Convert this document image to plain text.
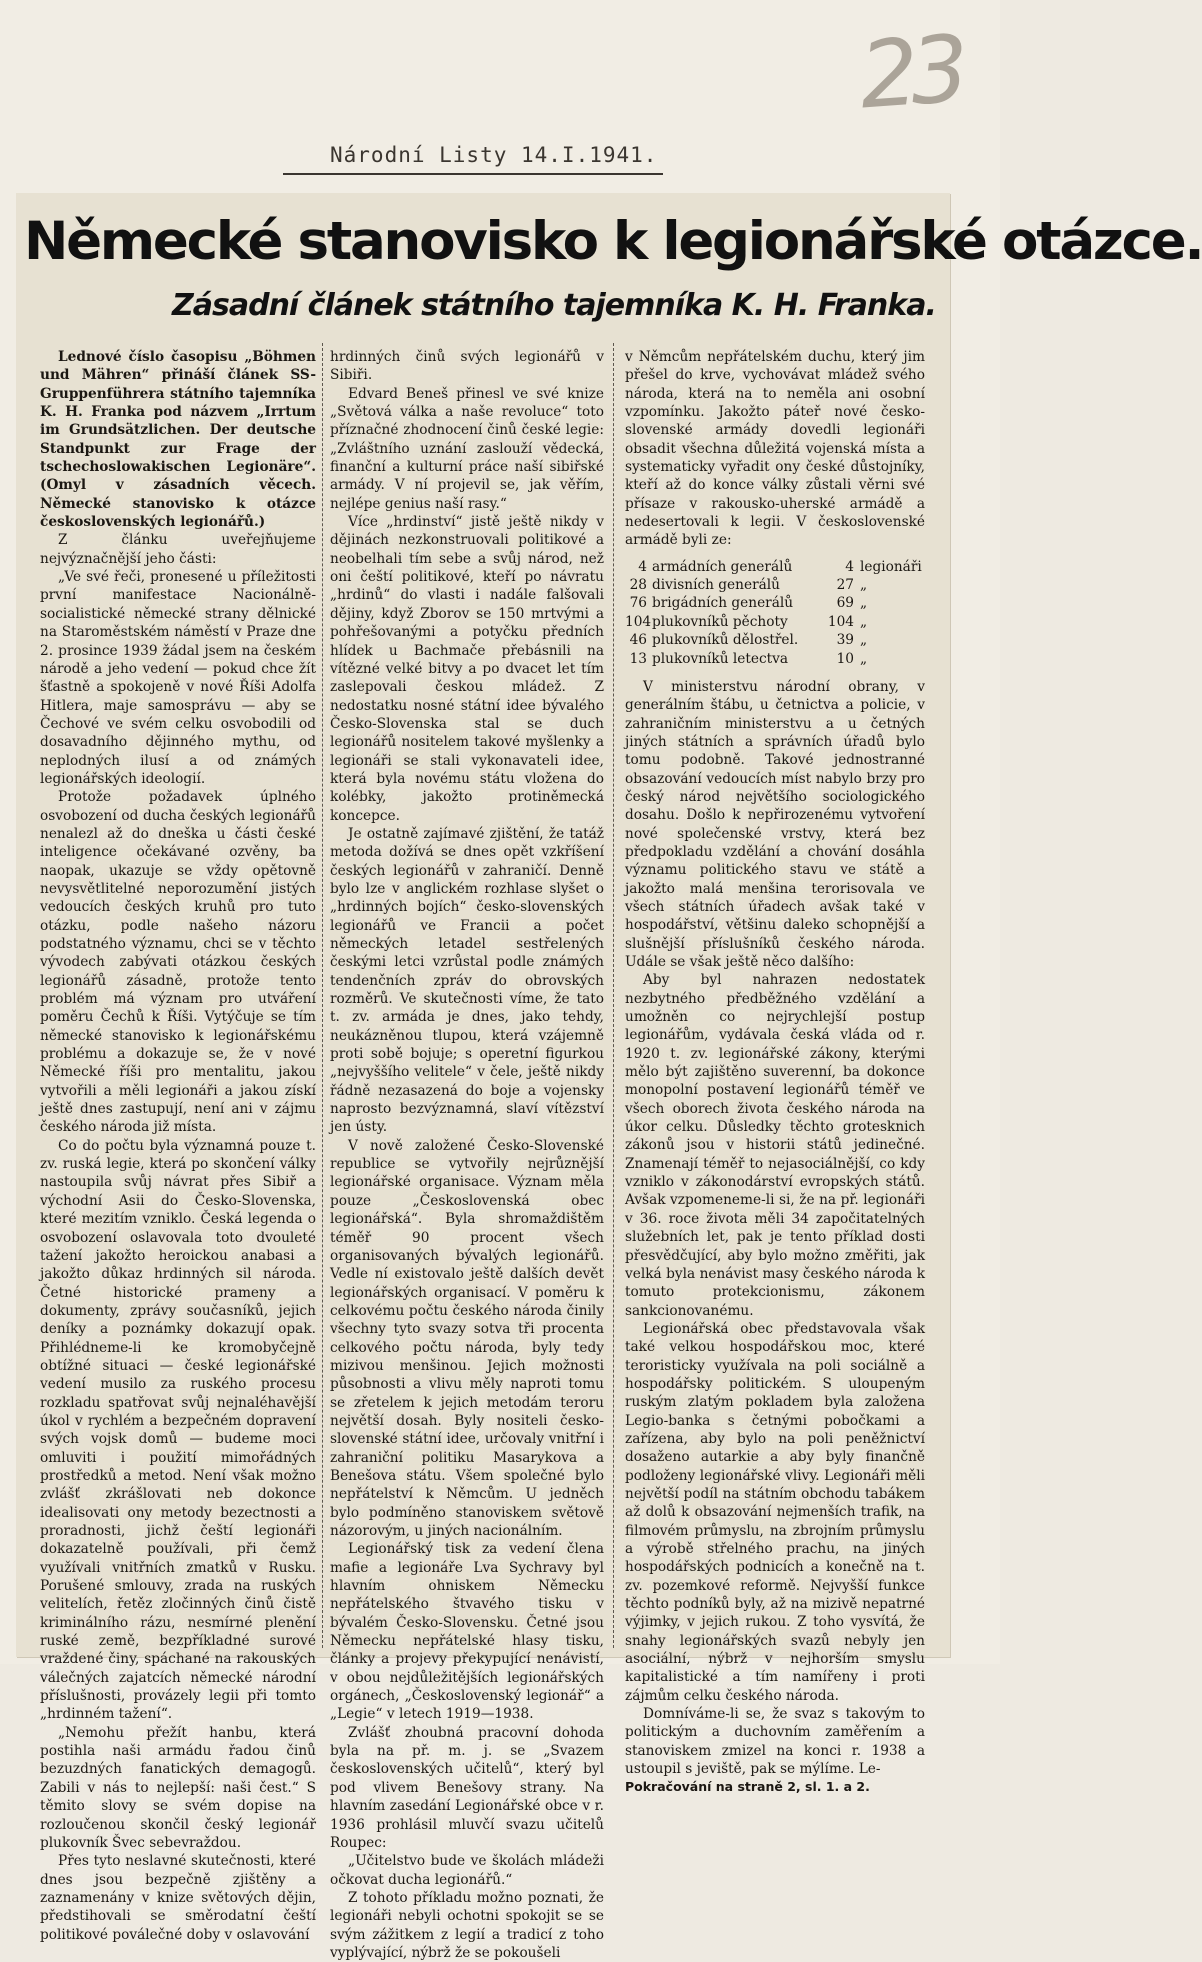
23
Národní Listy 14.I.1941.
Německé stanovisko k legionářské otázce.
Zásadní článek státního tajemníka K. H. Franka.

Lednové číslo časopisu „Böhmen und Mähren“ přináší článek SS-Gruppenführera státního tajemníka K. H. Franka pod názvem „Irrtum im Grundsätzlichen. Der deutsche Standpunkt zur Frage der tschechoslowakischen Legionäre“. (Omyl v zásadních věcech. Německé stanovisko k otázce československých legionářů.)

Z článku uveřejňujeme nejvýznačnější jeho části:

„Ve své řeči, pronesené u příležitosti první manifestace Nacionálně-socialistické německé strany dělnické na Staroměstském náměstí v Praze dne 2. prosince 1939 žádal jsem na českém národě a jeho vedení — pokud chce žít šťastně a spokojeně v nové Říši Adolfa Hitlera, maje samosprávu — aby se Čechové ve svém celku osvobodili od dosavadního dějinného mythu, od neplodných ilusí a od známých legionářských ideologií.

Protože požadavek úplného osvobození od ducha českých legionářů nenalezl až do dneška u části české inteligence očekávané ozvěny, ba naopak, ukazuje se vždy opětovně nevysvětlitelné neporozumění jistých vedoucích českých kruhů pro tuto otázku, podle našeho názoru podstatného významu, chci se v těchto vývodech zabývati otázkou českých legionářů zásadně, protože tento problém má význam pro utváření poměru Čechů k Říši. Vytýčuje se tím německé stanovisko k legionářskému problému a dokazuje se, že v nové Německé říši pro mentalitu, jakou vytvořili a měli legionáři a jakou získí ještě dnes zastupují, není ani v zájmu českého národa již místa.

Co do počtu byla významná pouze t. zv. ruská legie, která po skončení války nastoupila svůj návrat přes Sibiř a východní Asii do Česko-Slovenska, které mezitím vzniklo. Česká legenda o osvobození oslavovala toto dvouleté tažení jakožto heroickou anabasi a jakožto důkaz hrdinných sil národa. Četné historické prameny a dokumenty, zprávy současníků, jejich deníky a poznámky dokazují opak. Přihlédneme-li ke kromobyčejně obtížné situaci — české legionářské vedení musilo za ruského procesu rozkladu spatřovat svůj nejnaléhavější úkol v rychlém a bezpečném dopravení svých vojsk domů — budeme moci omluviti i použití mimořádných prostředků a metod. Není však možno zvlášť zkrášlovati neb dokonce idealisovati ony metody bezectnosti a proradnosti, jichž čeští legionáři dokazatelně používali, při čemž využívali vnitřních zmatků v Rusku. Porušené smlouvy, zrada na ruských velitelích, řetěz zločinných činů čistě kriminálního rázu, nesmírné plenění ruské země, bezpříkladné surové vraždené činy, spáchané na rakouských válečných zajatcích německé národní příslušnosti, provázely legii při tomto „hrdinném tažení“.

„Nemohu přežít hanbu, která postihla naši armádu řadou činů bezuzdných fanatických demagogů. Zabili v nás to nejlepší: naši čest.“ S těmito slovy se svém dopise na rozloučenou skončil český legionář plukovník Švec sebevraždou.

Přes tyto neslavné skutečnosti, které dnes jsou bezpečně zjištěny a zaznamenány v knize světových dějin, předstihovali se směrodatní čeští politikové poválečné doby v oslavování

hrdinných činů svých legionářů v Sibiři.

Edvard Beneš přinesl ve své knize „Světová válka a naše revoluce“ toto příznačné zhodnocení činů české legie: „Zvláštního uznání zaslouží vědecká, finanční a kulturní práce naší sibiřské armády. V ní projevil se, jak věřím, nejlépe genius naší rasy.“

Více „hrdinství“ jistě ještě nikdy v dějinách nezkonstruovali politikové a neobelhali tím sebe a svůj národ, než oni čeští politikové, kteří po návratu „hrdinů“ do vlasti i nadále falšovali dějiny, když Zborov se 150 mrtvými a pohřešovanými a potyčku předních hlídek u Bachmače přebásnili na vítězné velké bitvy a po dvacet let tím zaslepovali českou mládež. Z nedostatku nosné státní idee bývalého Česko-Slovenska stal se duch legionářů nositelem takové myšlenky a legionáři se stali vykonavateli idee, která byla novému státu vložena do kolébky, jakožto protiněmecká koncepce.

Je ostatně zajímavé zjištění, že tatáž metoda dožívá se dnes opět vzkříšení českých legionářů v zahraničí. Denně bylo lze v anglickém rozhlase slyšet o „hrdinných bojích“ česko-slovenských legionářů ve Francii a počet německých letadel sestřelených českými letci vzrůstal podle známých tendenčních zpráv do obrovských rozměrů. Ve skutečnosti víme, že tato t. zv. armáda je dnes, jako tehdy, neukázněnou tlupou, která vzájemně proti sobě bojuje; s operetní figurkou „nejvyššího velitele“ v čele, ještě nikdy řádně nezasazená do boje a vojensky naprosto bezvýznamná, slaví vítězství jen ústy.

V nově založené Česko-Slovenské republice se vytvořily nejrůznější legionářské organisace. Význam měla pouze „Československá obec legionářská“. Byla shromaždištěm téměř 90 procent všech organisovaných bývalých legionářů. Vedle ní existovalo ještě dalších devět legionářských organisací. V poměru k celkovému počtu českého národa činily všechny tyto svazy sotva tři procenta celkového počtu národa, byly tedy mizivou menšinou. Jejich možnosti působnosti a vlivu měly naproti tomu se zřetelem k jejich metodám teroru největší dosah. Byly nositeli česko-slovenské státní idee, určovaly vnitřní i zahraniční politiku Masarykova a Benešova státu. Všem společné bylo nepřátelství k Němcům. U jedněch bylo podmíněno stanoviskem světově názorovým, u jiných nacionálním.

Legionářský tisk za vedení člena mafie a legionáře Lva Sychravy byl hlavním ohniskem Německu nepřátelského štvavého tisku v bývalém Česko-Slovensku. Četné jsou Německu nepřátelské hlasy tisku, články a projevy překypující nenávistí, v obou nejdůležitějších legionářských orgánech, „Československý legionář“ a „Legie“ v letech 1919—1938.

Zvlášť zhoubná pracovní dohoda byla na př. m. j. se „Svazem československých učitelů“, který byl pod vlivem Benešovy strany. Na hlavním zasedání Legionářské obce v r. 1936 prohlásil mluvčí svazu učitelů Roupec:

„Učitelstvo bude ve školách mládeži očkovat ducha legionářů.“

Z tohoto příkladu možno poznati, že legionáři nebyli ochotni spokojit se se svým zážitkem z legií a tradicí z toho vyplývající, nýbrž že se pokoušeli

v Němcům nepřátelském duchu, který jim přešel do krve, vychovávat mládež svého národa, která na to neměla ani osobní vzpomínku. Jakožto páteř nové česko-slovenské armády dovedli legionáři obsadit všechna důležitá vojenská místa a systematicky vyřadit ony české důstojníky, kteří až do konce války zůstali věrni své přísaze v rakousko-uherské armádě a nedesertovali k legii. V československé armádě byli ze:

4 armádních generálů	4 legionáři
28 divisních generálů	27 „
76 brigádních generálů	69 „
104 plukovníků pěchoty	104 „
46 plukovníků dělostřel.	39 „
13 plukovníků letectva	10 „

V ministerstvu národní obrany, v generálním štábu, u četnictva a policie, v zahraničním ministerstvu a u četných jiných státních a správních úřadů bylo tomu podobně. Takové jednostranné obsazování vedoucích míst nabylo brzy pro český národ největšího sociologického dosahu. Došlo k nepřirozenému vytvoření nové společenské vrstvy, která bez předpokladu vzdělání a chování dosáhla významu politického stavu ve státě a jakožto malá menšina terorisovala ve všech státních úřadech avšak také v hospodářství, většinu daleko schopnější a slušnější příslušníků českého národa. Udále se však ještě něco dalšího:

Aby byl nahrazen nedostatek nezbytného předběžného vzdělání a umožněn co nejrychlejší postup legionářům, vydávala česká vláda od r. 1920 t. zv. legionářské zákony, kterými mělo být zajištěno suverenní, ba dokonce monopolní postavení legionářů téměř ve všech oborech života českého národa na úkor celku. Důsledky těchto grotesknich zákonů jsou v historii států jedinečné. Znamenají téměř to nejasociálnější, co kdy vzniklo v zákonodárství evropských států. Avšak vzpomeneme-li si, že na př. legionáři v 36. roce života měli 34 započitatelných služebních let, pak je tento příklad dosti přesvědčující, aby bylo možno změřiti, jak velká byla nenávist masy českého národa k tomuto protekcionismu, zákonem sankcionovanému.

Legionářská obec představovala však také velkou hospodářskou moc, které teroristicky využívala na poli sociálně a hospodářsky politickém. S uloupeným ruským zlatým pokladem byla založena Legio-banka s četnými pobočkami a zařízena, aby bylo na poli peněžnictví dosaženo autarkie a aby byly finančně podloženy legionářské vlivy. Legionáři měli největší podíl na státním obchodu tabákem až dolů k obsazování nejmenších trafik, na filmovém průmyslu, na zbrojním průmyslu a výrobě střelného prachu, na jiných hospodářských podnicích a konečně na t. zv. pozemkové reformě. Nejvyšší funkce těchto podníků byly, až na mizivě nepatrné výjimky, v jejich rukou. Z toho vysvítá, že snahy legionářských svazů nebyly jen asociální, nýbrž v nejhorším smyslu kapitalistické a tím namířeny i proti zájmům celku českého národa.

Domníváme-li se, že svaz s takovým to politickým a duchovním zaměřením a stanoviskem zmizel na konci r. 1938 a ustoupil s jeviště, pak se mýlíme. Le-

Pokračování na straně 2, sl. 1. a 2.
